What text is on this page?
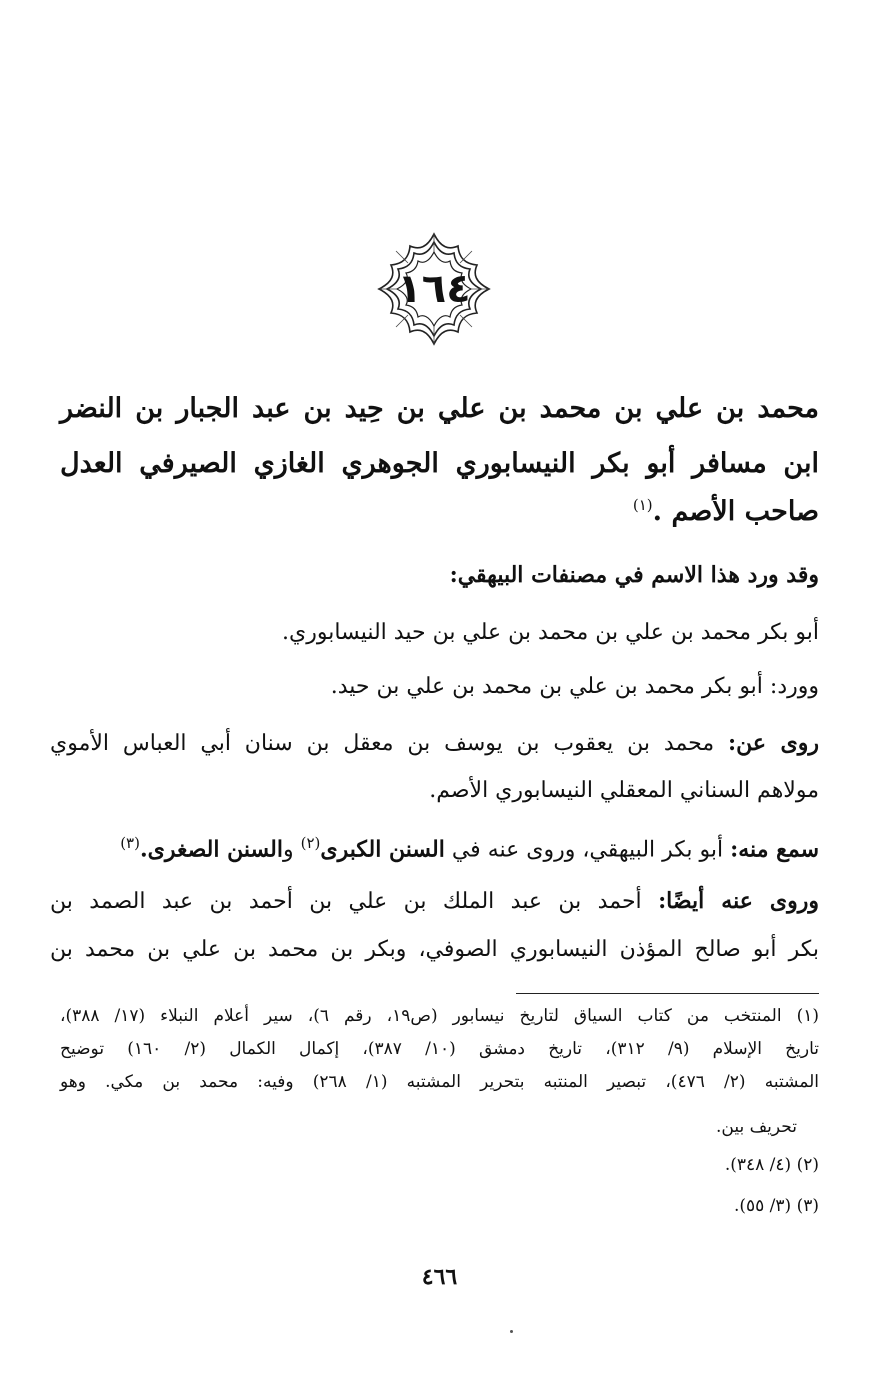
١٦٤
محمد بن علي بن محمد بن علي بن حِيد بن عبد الجبار بن النضر
ابن مسافر أبو بكر النيسابوري الجوهري الغازي الصيرفي العدل
صاحب الأصم .$^{(١)}$
وقد ورد هذا الاسم في مصنفات البيهقي:
أبو بكر محمد بن علي بن محمد بن علي بن حيد النيسابوري.
وورد: أبو بكر محمد بن علي بن محمد بن علي بن حيد.
روى عن: محمد بن يعقوب بن يوسف بن معقل بن سنان أبي العباس الأموي
مولاهم السناني المعقلي النيسابوري الأصم.
سمع منه: أبو بكر البيهقي، وروى عنه في السنن الكبرى$^{(٢)}$ والسنن الصغرى.$^{(٣)}$
وروى عنه أيضًا: أحمد بن عبد الملك بن علي بن أحمد بن عبد الصمد بن
بكر أبو صالح المؤذن النيسابوري الصوفي، وبكر بن محمد بن علي بن محمد بن
(١) المنتخب من كتاب السياق لتاريخ نيسابور (ص١٩، رقم ٦)، سير أعلام النبلاء (١٧/ ٣٨٨)،
تاريخ الإسلام (٩/ ٣١٢)، تاريخ دمشق (١٠/ ٣٨٧)، إكمال الكمال (٢/ ١٦٠) توضيح
المشتبه (٢/ ٤٧٦)، تبصير المنتبه بتحرير المشتبه (١/ ٢٦٨) وفيه: محمد بن مكي. وهو
تحريف بين.
(٢) (٤/ ٣٤٨).
(٣) (٣/ ٥٥).
٤٦٦
